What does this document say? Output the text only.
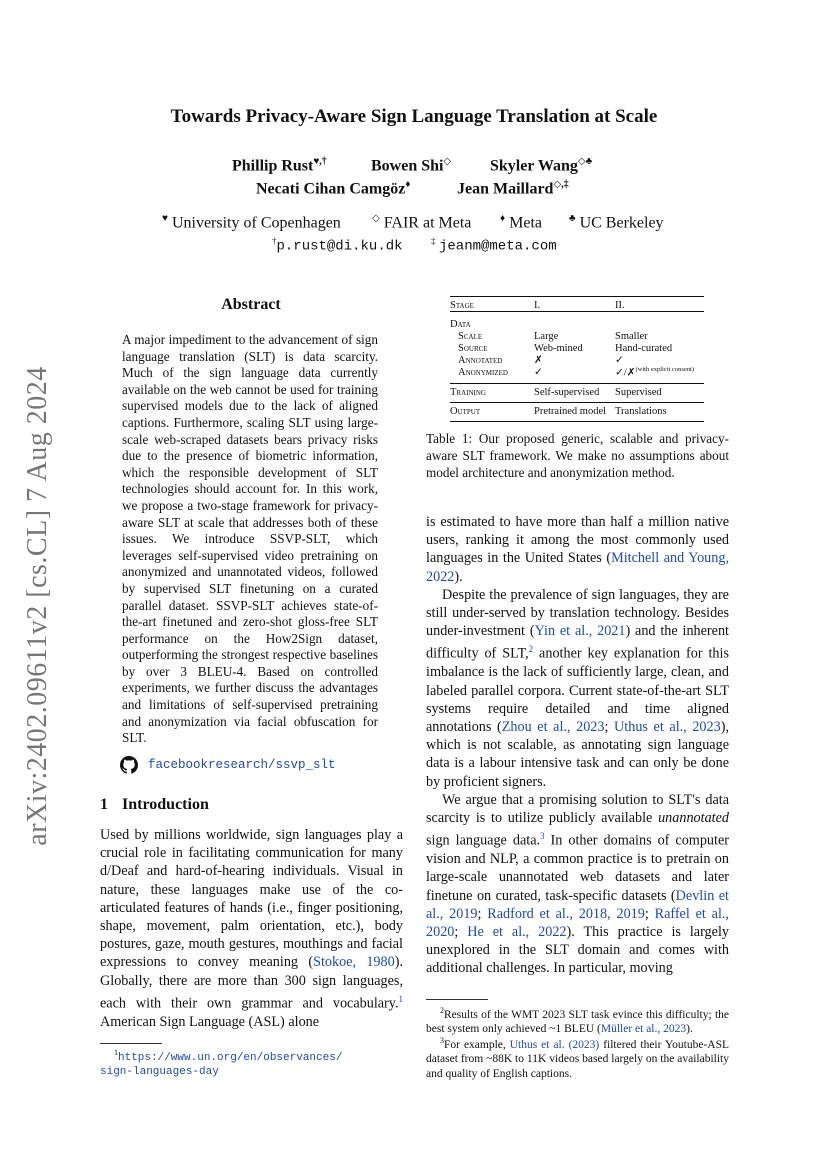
arXiv:2402.09611v2 [cs.CL] 7 Aug 2024
Towards Privacy-Aware Sign Language Translation at Scale
Phillip Rust♥,†	Bowen Shi◇ Skyler Wang◇♣
Necati Cihan Camgöz♦	Jean Maillard◇,‡
♥ University of Copenhagen	◇ FAIR at Meta	♦ Meta	♣ UC Berkeley
†p.rust@di.ku.dk	‡ jeanm@meta.com
Abstract
A major impediment to the advancement of sign language translation (SLT) is data scarcity. Much of the sign language data currently available on the web cannot be used for training supervised models due to the lack of aligned captions. Furthermore, scaling SLT using large-scale web-scraped datasets bears privacy risks due to the presence of biometric information, which the responsible development of SLT technologies should account for. In this work, we propose a two-stage framework for privacy-aware SLT at scale that addresses both of these issues. We introduce SSVP-SLT, which leverages self-supervised video pretraining on anonymized and unannotated videos, followed by supervised SLT finetuning on a curated parallel dataset. SSVP-SLT achieves state-of-the-art finetuned and zero-shot gloss-free SLT performance on the How2Sign dataset, outperforming the strongest respective baselines by over 3 BLEU-4. Based on controlled experiments, we further discuss the advantages and limitations of self-supervised pretraining and anonymization via facial obfuscation for SLT.
facebookresearch/ssvp_slt
1 Introduction

Used by millions worldwide, sign languages play a crucial role in facilitating communication for many d/Deaf and hard-of-hearing individuals. Visual in nature, these languages make use of the co-articulated features of hands (i.e., finger positioning, shape, movement, palm orientation, etc.), body postures, gaze, mouth gestures, mouthings and facial expressions to convey meaning (Stokoe, 1980). Globally, there are more than 300 sign languages, each with their own grammar and vocabulary.$^1$ American Sign Language (ASL) alone

$^1$https://www.un.org/en/observances/
sign-languages-day
Stage	I.	II.
Data		
Scale	Large	Smaller
Source	Web-mined	Hand-curated
Annotated	✗	✓
Anonymized	✓	✓/✗$^{(with explicit consent)}$
Training	Self-supervised	Supervised
Output	Pretrained model	Translations
Table 1: Our proposed generic, scalable and privacy-aware SLT framework. We make no assumptions about model architecture and anonymization method.

is estimated to have more than half a million native users, ranking it among the most commonly used languages in the United States (Mitchell and Young, 2022).

Despite the prevalence of sign languages, they are still under-served by translation technology. Besides under-investment (Yin et al., 2021) and the inherent difficulty of SLT,$^2$ another key explanation for this imbalance is the lack of sufficiently large, clean, and labeled parallel corpora. Current state-of-the-art SLT systems require detailed and time aligned annotations (Zhou et al., 2023; Uthus et al., 2023), which is not scalable, as annotating sign language data is a labour intensive task and can only be done by proficient signers.

We argue that a promising solution to SLT's data scarcity is to utilize publicly available unannotated sign language data.$^3$ In other domains of computer vision and NLP, a common practice is to pretrain on large-scale unannotated web datasets and later finetune on curated, task-specific datasets (Devlin et al., 2019; Radford et al., 2018, 2019; Raffel et al., 2020; He et al., 2022). This practice is largely unexplored in the SLT domain and comes with additional challenges. In particular, moving

$^2$Results of the WMT 2023 SLT task evince this difficulty; the best system only achieved ~1 BLEU (Müller et al., 2023).
$^3$For example, Uthus et al. (2023) filtered their Youtube-ASL dataset from ~88K to 11K videos based largely on the availability and quality of English captions.
